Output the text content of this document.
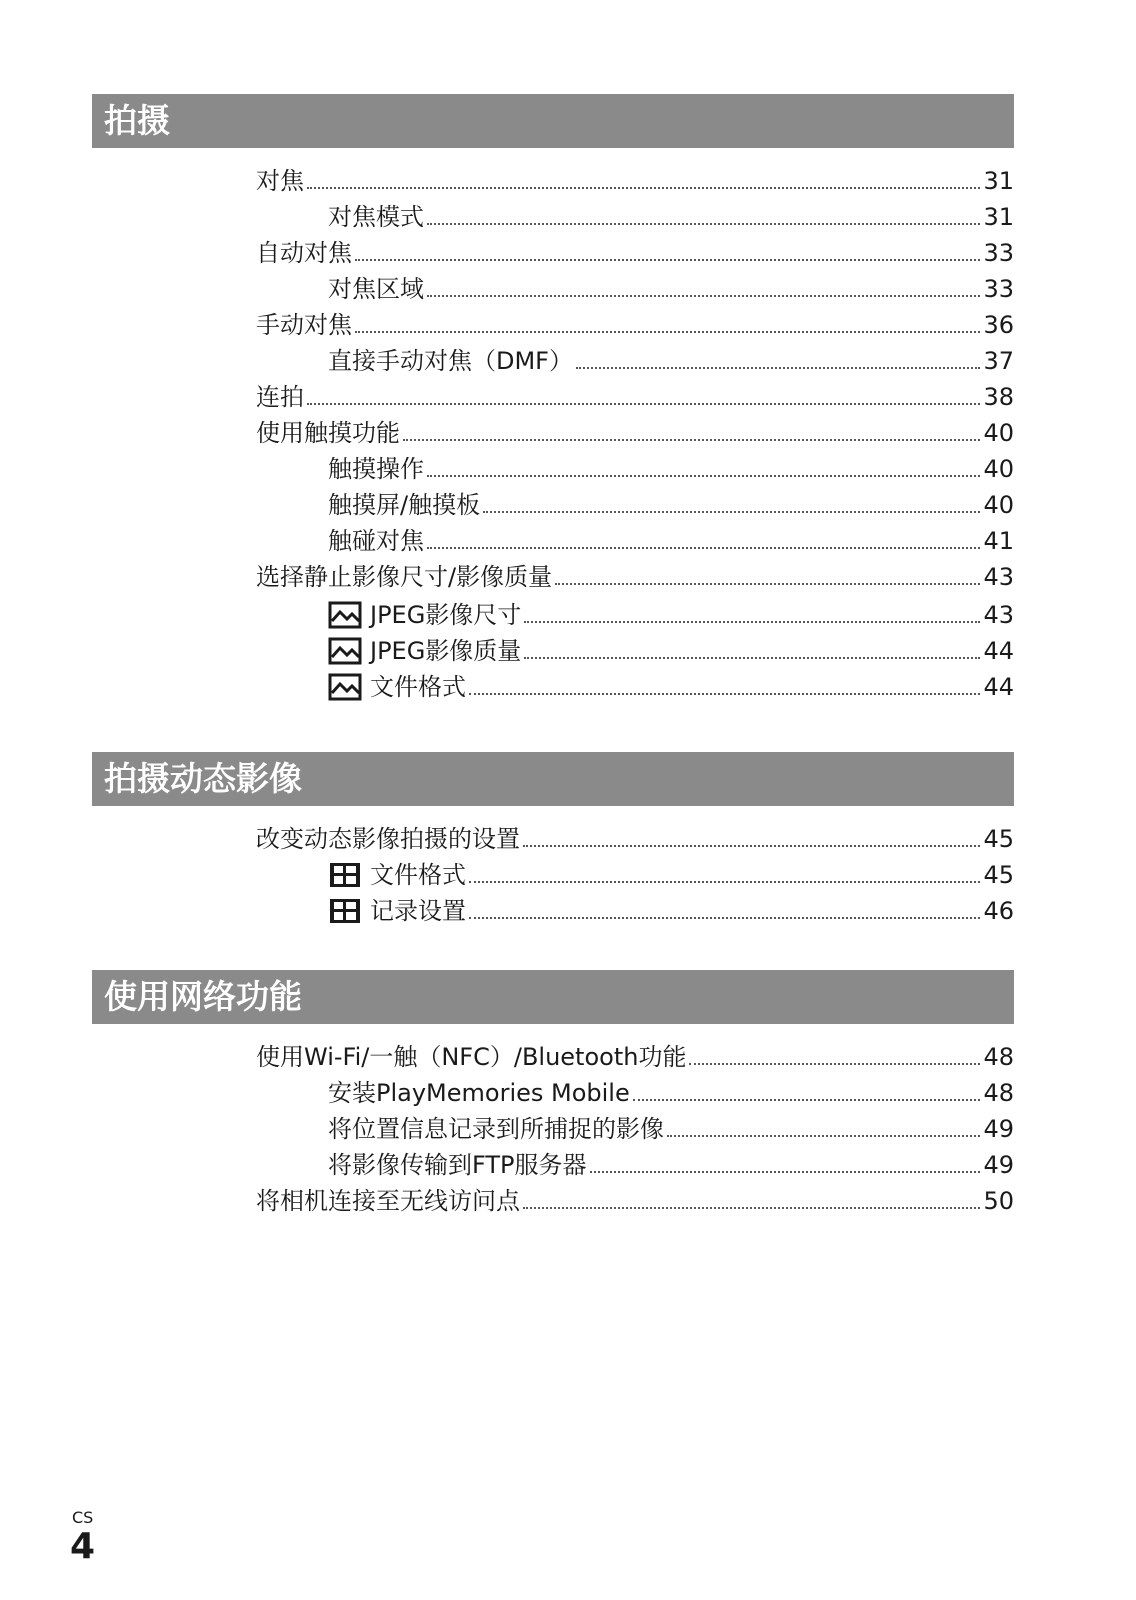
拍摄
对焦	31
对焦模式	31
自动对焦	33
对焦区域	33
手动对焦	36
直接手动对焦（DMF）	37
连拍	38
使用触摸功能	40
触摸操作	40
触摸屏/触摸板	40
触碰对焦	41
选择静止影像尺寸/影像质量	43
JPEG影像尺寸	43
JPEG影像质量	44
文件格式	44
拍摄动态影像
改变动态影像拍摄的设置	45
文件格式	45
记录设置	46
使用网络功能
使用Wi-Fi/一触（NFC）/Bluetooth功能	48
安装PlayMemories Mobile	48
将位置信息记录到所捕捉的影像	49
将影像传输到FTP服务器	49
将相机连接至无线访问点	50
CS
4
